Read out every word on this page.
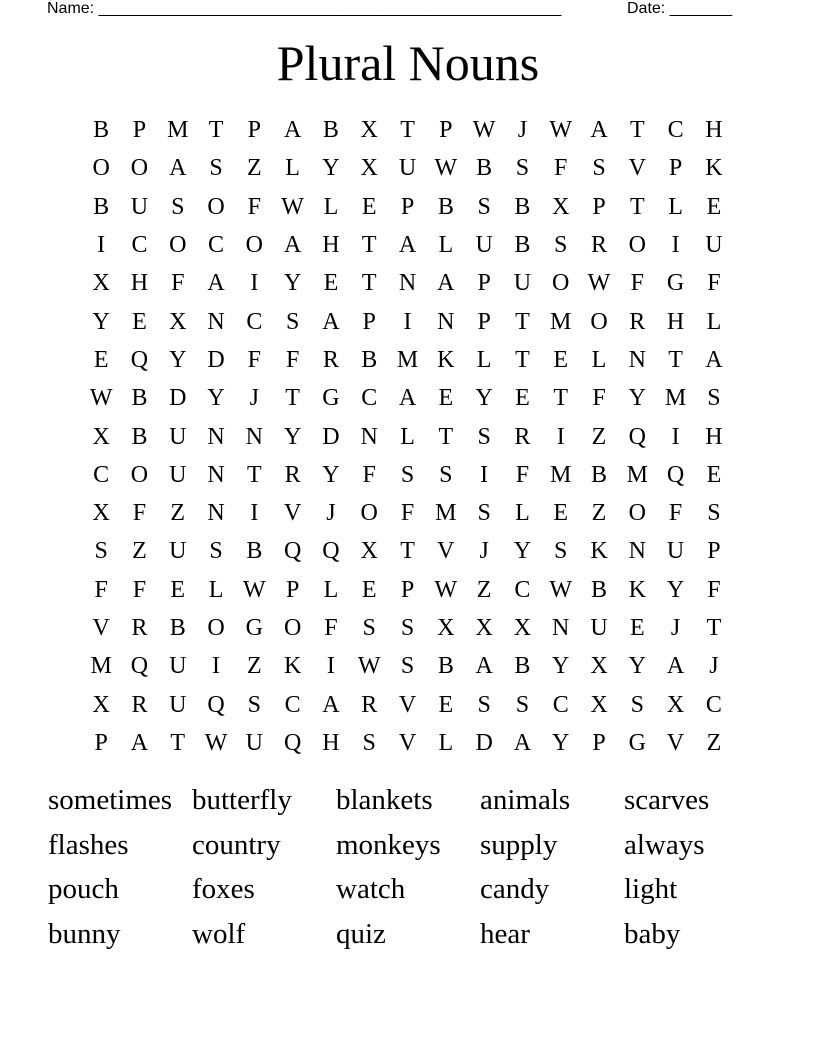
Name: ____________________________________________________

	Date: _______

Plural Nouns
B P M T	P A B X T	P W J W A T C H
O O A S	Z L Y X U W B S	F	S V P K
B U S O F W L E	P B S B X P	T L E
I	C O C O A H T A L U B S R O	I	U
X H F A	I	Y E T N A P U O W F G F
Y E X N C S A P	I	N P	T M O R H L
E Q Y D F	F R B M K L T E L N T A
W B D Y	J	T G C A E Y E T	F Y M S
X B U N N Y D N L T	S R	I	Z Q	I	H
C O U N T R Y F	S	S	I	F M B M Q E
X F	Z N	I	V	J	O F M S	L E Z O F	S
S	Z U S B Q Q X T V	J	Y S K N U P
F	F	E L W P	L E	P W Z C W B K Y F
V R B O G O F	S	S X X X N U E	J	T
M Q U	I	Z K	I W S B A B Y X Y A	J
X R U Q S C A R V E	S	S C X S X C
P A T W U Q H S V L D A Y P G V Z
sometimes butterfly	blankets	animals	scarves
flashes	country	monkeys	supply	always
pouch	foxes	watch	candy	light
bunny	wolf	quiz	hear	baby
